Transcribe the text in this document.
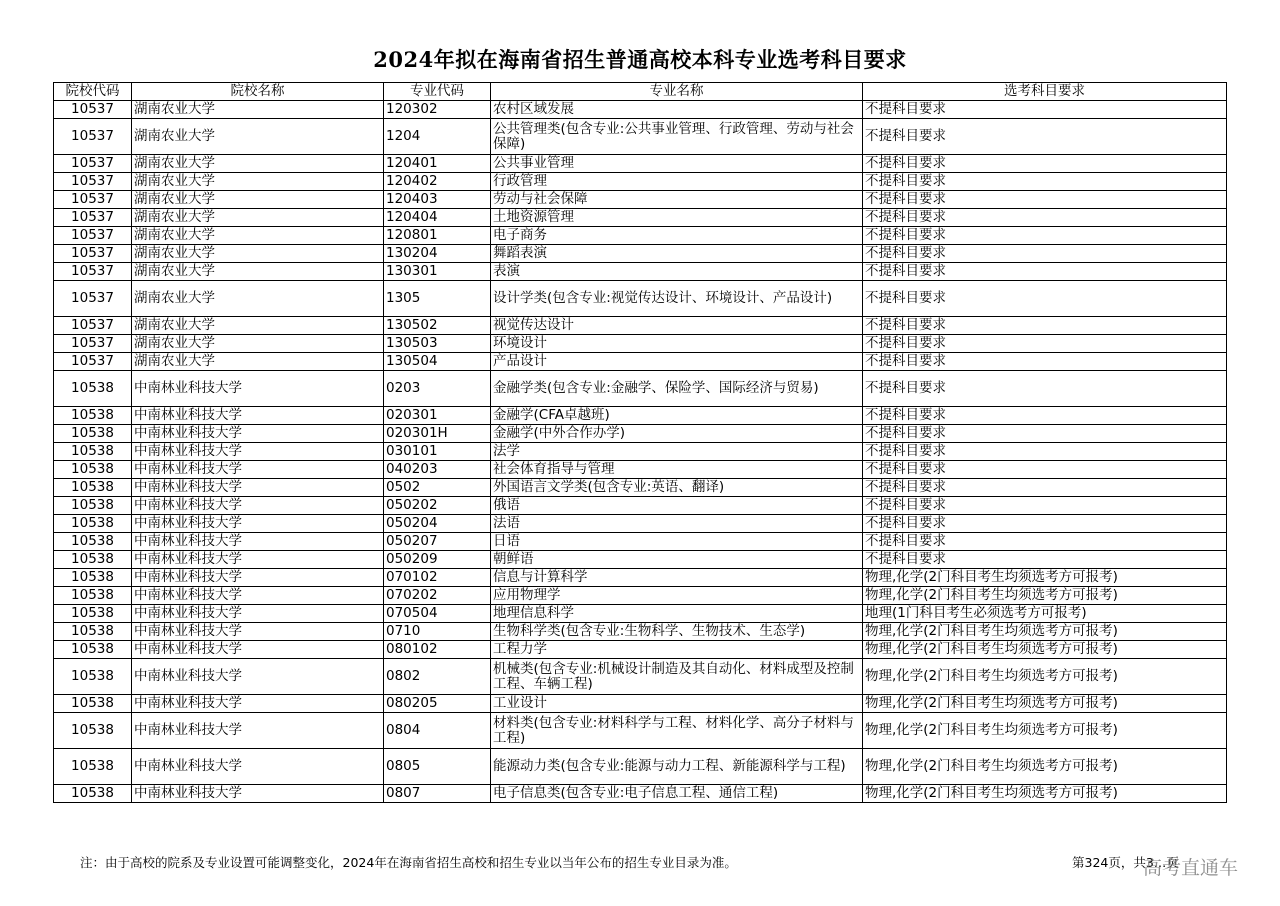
2024年拟在海南省招生普通高校本科专业选考科目要求
院校代码	院校名称	专业代码	专业名称	选考科目要求
10537	湖南农业大学	120302	农村区域发展	不提科目要求
10537	湖南农业大学	1204	公共管理类(包含专业:公共事业管理、行政管理、劳动与社会保障)	不提科目要求
10537	湖南农业大学	120401	公共事业管理	不提科目要求
10537	湖南农业大学	120402	行政管理	不提科目要求
10537	湖南农业大学	120403	劳动与社会保障	不提科目要求
10537	湖南农业大学	120404	土地资源管理	不提科目要求
10537	湖南农业大学	120801	电子商务	不提科目要求
10537	湖南农业大学	130204	舞蹈表演	不提科目要求
10537	湖南农业大学	130301	表演	不提科目要求
10537	湖南农业大学	1305	设计学类(包含专业:视觉传达设计、环境设计、产品设计)	不提科目要求
10537	湖南农业大学	130502	视觉传达设计	不提科目要求
10537	湖南农业大学	130503	环境设计	不提科目要求
10537	湖南农业大学	130504	产品设计	不提科目要求
10538	中南林业科技大学	0203	金融学类(包含专业:金融学、保险学、国际经济与贸易)	不提科目要求
10538	中南林业科技大学	020301	金融学(CFA卓越班)	不提科目要求
10538	中南林业科技大学	020301H	金融学(中外合作办学)	不提科目要求
10538	中南林业科技大学	030101	法学	不提科目要求
10538	中南林业科技大学	040203	社会体育指导与管理	不提科目要求
10538	中南林业科技大学	0502	外国语言文学类(包含专业:英语、翻译)	不提科目要求
10538	中南林业科技大学	050202	俄语	不提科目要求
10538	中南林业科技大学	050204	法语	不提科目要求
10538	中南林业科技大学	050207	日语	不提科目要求
10538	中南林业科技大学	050209	朝鲜语	不提科目要求
10538	中南林业科技大学	070102	信息与计算科学	物理,化学(2门科目考生均须选考方可报考)
10538	中南林业科技大学	070202	应用物理学	物理,化学(2门科目考生均须选考方可报考)
10538	中南林业科技大学	070504	地理信息科学	地理(1门科目考生必须选考方可报考)
10538	中南林业科技大学	0710	生物科学类(包含专业:生物科学、生物技术、生态学)	物理,化学(2门科目考生均须选考方可报考)
10538	中南林业科技大学	080102	工程力学	物理,化学(2门科目考生均须选考方可报考)
10538	中南林业科技大学	0802	机械类(包含专业:机械设计制造及其自动化、材料成型及控制工程、车辆工程)	物理,化学(2门科目考生均须选考方可报考)
10538	中南林业科技大学	080205	工业设计	物理,化学(2门科目考生均须选考方可报考)
10538	中南林业科技大学	0804	材料类(包含专业:材料科学与工程、材料化学、高分子材料与工程)	物理,化学(2门科目考生均须选考方可报考)
10538	中南林业科技大学	0805	能源动力类(包含专业:能源与动力工程、新能源科学与工程)	物理,化学(2门科目考生均须选考方可报考)
10538	中南林业科技大学	0807	电子信息类(包含专业:电子信息工程、通信工程)	物理,化学(2门科目考生均须选考方可报考)
注：由于高校的院系及专业设置可能调整变化，2024年在海南省招生高校和招生专业以当年公布的招生专业目录为准。	第324页，共3…页
高考直通车
